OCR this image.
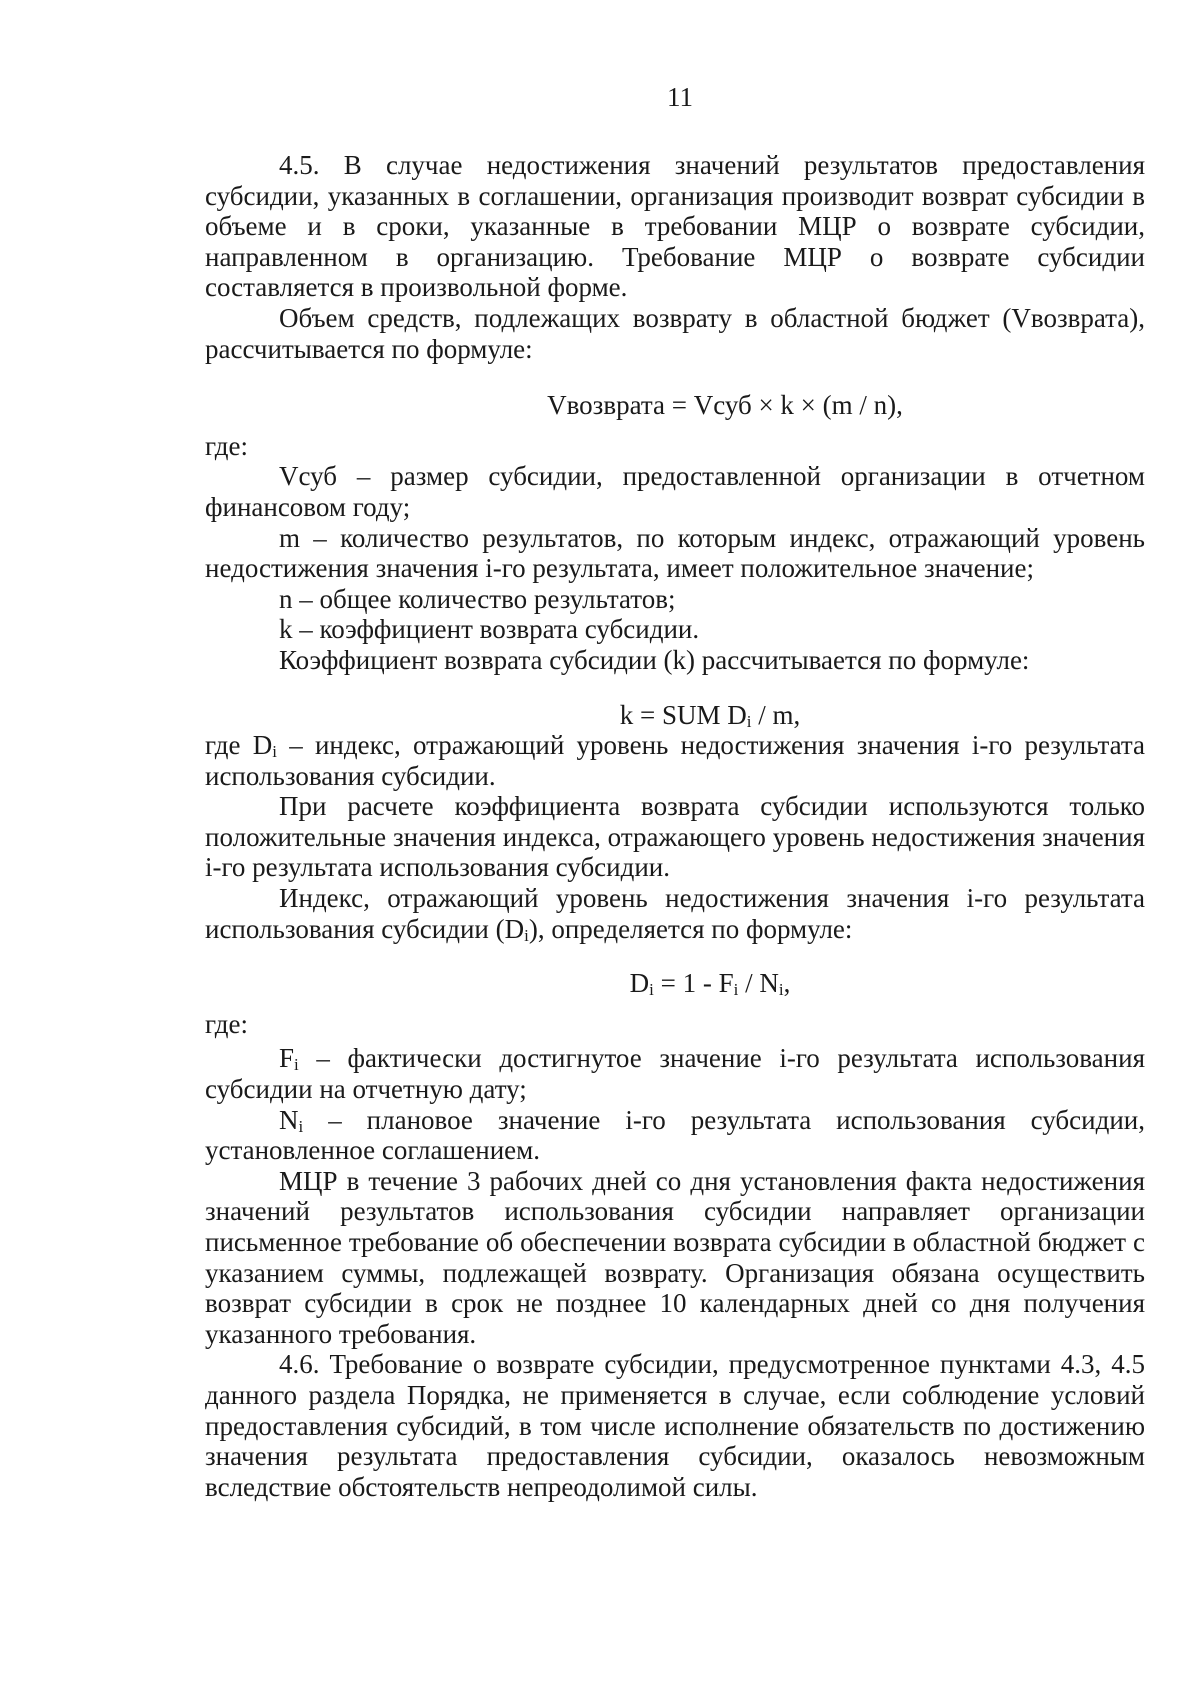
11

4.5. В случае недостижения значений результатов предоставления субсидии, указанных в соглашении, организация производит возврат субсидии в объеме и в сроки, указанные в требовании МЦР о возврате субсидии, направленном в организацию. Требование МЦР о возврате субсидии составляется в произвольной форме.

Объем средств, подлежащих возврату в областной бюджет (Vвозврата), рассчитывается по формуле:

Vвозврата = Vсуб × k × (m / n),

где:

Vсуб – размер субсидии, предоставленной организации в отчетном финансовом году;

m – количество результатов, по которым индекс, отражающий уровень недостижения значения i-го результата, имеет положительное значение;

n – общее количество результатов;

k – коэффициент возврата субсидии.

Коэффициент возврата субсидии (k) рассчитывается по формуле:

k = SUM $D_i$ / m,

где $D_i$ – индекс, отражающий уровень недостижения значения i-го результата использования субсидии.

При расчете коэффициента возврата субсидии используются только положительные значения индекса, отражающего уровень недостижения значения i-го результата использования субсидии.

Индекс, отражающий уровень недостижения значения i-го результата использования субсидии $(D_i)$, определяется по формуле:

$D_i = 1 - F_i / N_i$,

где:

$F_i$ – фактически достигнутое значение i-го результата использования субсидии на отчетную дату;

$N_i$ – плановое значение i-го результата использования субсидии, установленное соглашением.

МЦР в течение 3 рабочих дней со дня установления факта недостижения значений результатов использования субсидии направляет организации письменное требование об обеспечении возврата субсидии в областной бюджет с указанием суммы, подлежащей возврату. Организация обязана осуществить возврат субсидии в срок не позднее 10 календарных дней со дня получения указанного требования.

4.6. Требование о возврате субсидии, предусмотренное пунктами 4.3, 4.5 данного раздела Порядка, не применяется в случае, если соблюдение условий предоставления субсидий, в том числе исполнение обязательств по достижению значения результата предоставления субсидии, оказалось невозможным вследствие обстоятельств непреодолимой силы.
